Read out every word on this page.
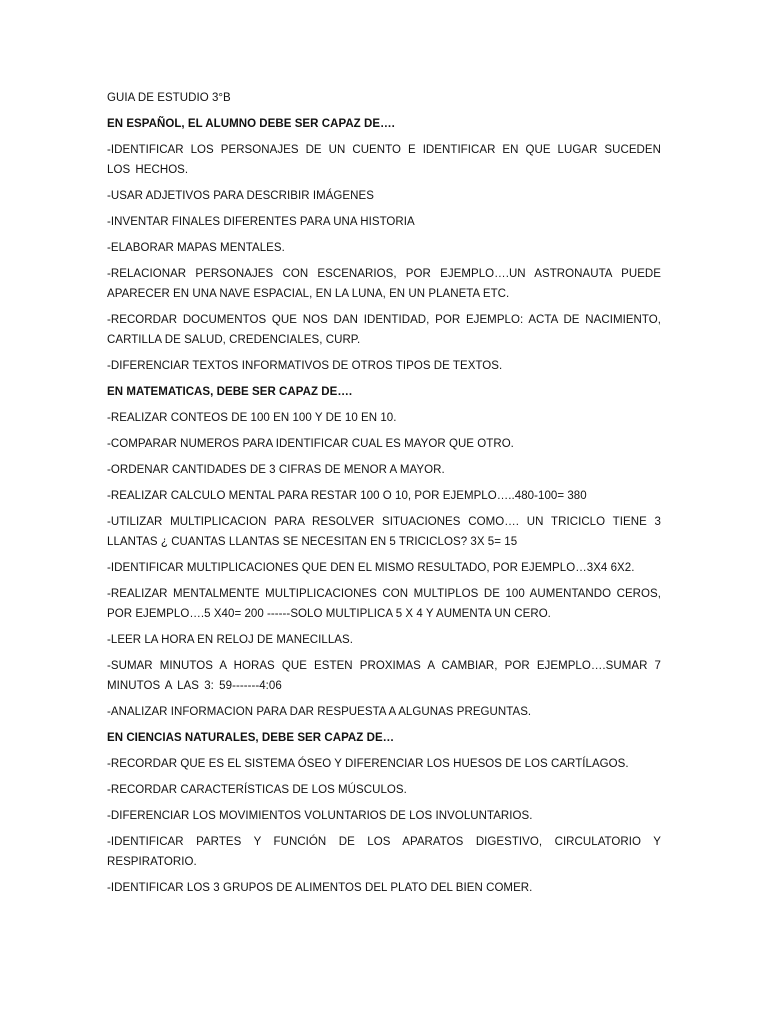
GUIA DE ESTUDIO 3°B

EN ESPAÑOL, EL ALUMNO DEBE SER CAPAZ DE….

-IDENTIFICAR LOS PERSONAJES DE UN CUENTO E IDENTIFICAR EN QUE LUGAR SUCEDEN LOS HECHOS.

-USAR ADJETIVOS PARA DESCRIBIR IMÁGENES

-INVENTAR FINALES DIFERENTES PARA UNA HISTORIA

-ELABORAR MAPAS MENTALES.

-RELACIONAR PERSONAJES CON ESCENARIOS, POR EJEMPLO….UN ASTRONAUTA PUEDE APARECER EN UNA NAVE ESPACIAL, EN LA LUNA, EN UN PLANETA ETC.

-RECORDAR DOCUMENTOS QUE NOS DAN IDENTIDAD, POR EJEMPLO: ACTA DE NACIMIENTO, CARTILLA DE SALUD, CREDENCIALES, CURP.

-DIFERENCIAR TEXTOS INFORMATIVOS DE OTROS TIPOS DE TEXTOS.

EN MATEMATICAS, DEBE SER CAPAZ DE….

-REALIZAR CONTEOS DE 100 EN 100 Y DE 10 EN 10.

-COMPARAR NUMEROS PARA IDENTIFICAR CUAL ES MAYOR QUE OTRO.

-ORDENAR CANTIDADES DE 3 CIFRAS DE MENOR A MAYOR.

-REALIZAR CALCULO MENTAL PARA RESTAR 100 O 10, POR EJEMPLO…..480-100= 380

-UTILIZAR MULTIPLICACION PARA RESOLVER SITUACIONES COMO…. UN TRICICLO TIENE 3 LLANTAS ¿ CUANTAS LLANTAS SE NECESITAN EN 5 TRICICLOS? 3X 5= 15

-IDENTIFICAR MULTIPLICACIONES QUE DEN EL MISMO RESULTADO, POR EJEMPLO…3X4 6X2.

-REALIZAR MENTALMENTE MULTIPLICACIONES CON MULTIPLOS DE 100 AUMENTANDO CEROS, POR EJEMPLO….5 X40= 200 ------SOLO MULTIPLICA 5 X 4 Y AUMENTA UN CERO.

-LEER LA HORA EN RELOJ DE MANECILLAS.

-SUMAR MINUTOS A HORAS QUE ESTEN PROXIMAS A CAMBIAR, POR EJEMPLO….SUMAR 7 MINUTOS A LAS 3: 59-------4:06

-ANALIZAR INFORMACION PARA DAR RESPUESTA A ALGUNAS PREGUNTAS.

EN CIENCIAS NATURALES, DEBE SER CAPAZ DE…

-RECORDAR QUE ES EL SISTEMA ÓSEO Y DIFERENCIAR LOS HUESOS DE LOS CARTÍLAGOS.

-RECORDAR CARACTERÍSTICAS DE LOS MÚSCULOS.

-DIFERENCIAR LOS MOVIMIENTOS VOLUNTARIOS DE LOS INVOLUNTARIOS.

-IDENTIFICAR PARTES Y FUNCIÓN DE LOS APARATOS DIGESTIVO, CIRCULATORIO Y RESPIRATORIO.

-IDENTIFICAR LOS 3 GRUPOS DE ALIMENTOS DEL PLATO DEL BIEN COMER.
